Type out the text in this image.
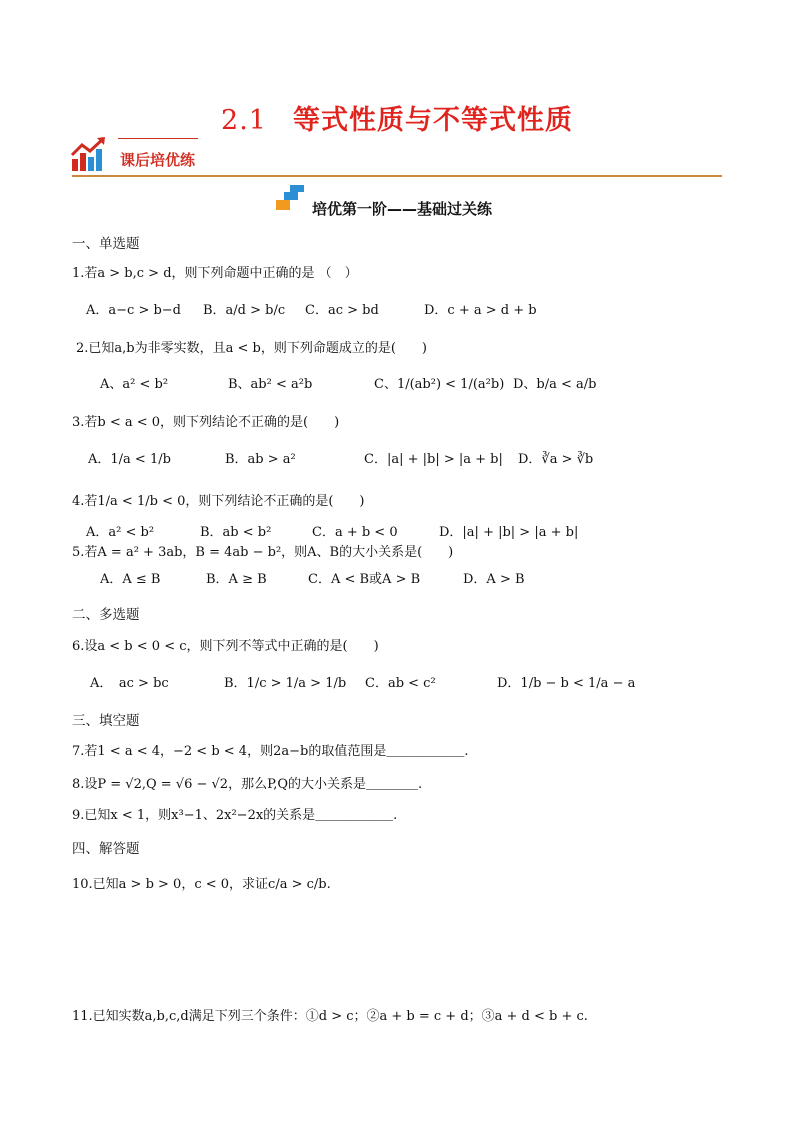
2.1 等式性质与不等式性质
课后培优练
培优第一阶——基础过关练
一、单选题
1.若a > b,c > d，则下列命题中正确的是 （　）
A．a−c > b−d B．a/d > b/c C．ac > bd	D．c + a > d + b
2.已知a,b为非零实数，且a < b，则下列命题成立的是(　　)
A、a² < b²	B、ab² < a²b	C、1/(ab²) < 1/(a²b) D、b/a < a/b
3.若b < a < 0，则下列结论不正确的是(　　)
A．1/a < 1/b	B．ab > a²	C．|a| + |b| > |a + b| D．∛a > ∛b
4.若1/a < 1/b < 0，则下列结论不正确的是(　　)
A．a² < b²	B．ab < b²	C．a + b < 0	D．|a| + |b| > |a + b|
5.若A = a² + 3ab，B = 4ab − b²，则A、B的大小关系是(　　)
A．A ≤ B	B．A ≥ B	C．A < B或A > B	D．A > B
二、多选题
6.设a < b < 0 < c，则下列不等式中正确的是(　　)
A．　ac > bc	B．1/c > 1/a > 1/b C．ab < c²	D．1/b − b < 1/a − a
三、填空题
7.若1 < a < 4，−2 < b < 4，则2a−b的取值范围是＿＿＿＿＿＿.
8.设P = √2,Q = √6 − √2，那么P,Q的大小关系是＿＿＿＿.
9.已知x < 1，则x³−1、2x²−2x的关系是＿＿＿＿＿＿.
四、解答题
10.已知a > b > 0，c < 0，求证c/a > c/b.
11.已知实数a,b,c,d满足下列三个条件：①d > c；②a + b = c + d；③a + d < b + c.
